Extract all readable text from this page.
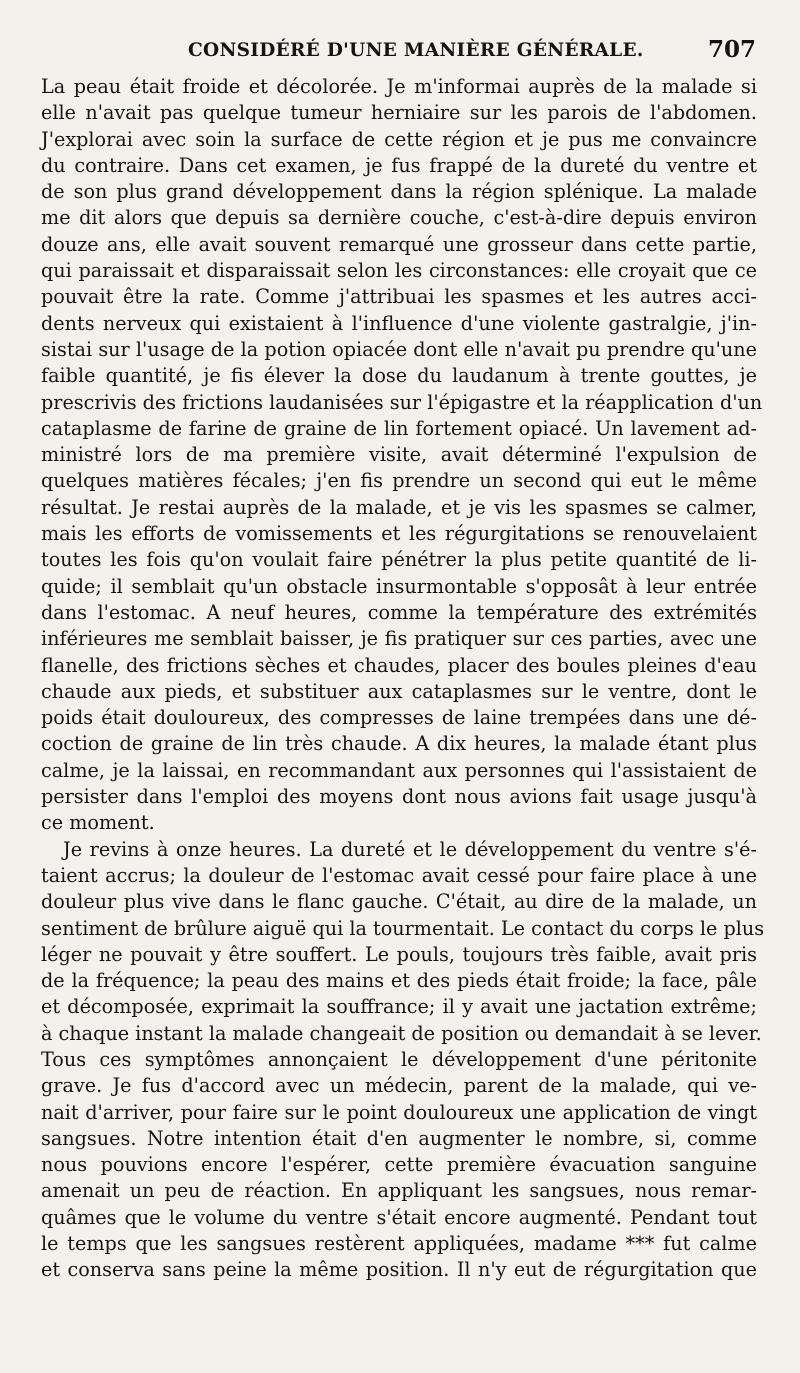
CONSIDÉRÉ D'UNE MANIÈRE GÉNÉRALE.	707

La peau était froide et décolorée. Je m'informai auprès de la malade si
elle n'avait pas quelque tumeur herniaire sur les parois de l'abdomen.
J'explorai avec soin la surface de cette région et je pus me convaincre
du contraire. Dans cet examen, je fus frappé de la dureté du ventre et
de son plus grand développement dans la région splénique. La malade
me dit alors que depuis sa dernière couche, c'est-à-dire depuis environ
douze ans, elle avait souvent remarqué une grosseur dans cette partie,
qui paraissait et disparaissait selon les circonstances: elle croyait que ce
pouvait être la rate. Comme j'attribuai les spasmes et les autres acci-
dents nerveux qui existaient à l'influence d'une violente gastralgie, j'in-
sistai sur l'usage de la potion opiacée dont elle n'avait pu prendre qu'une
faible quantité, je fis élever la dose du laudanum à trente gouttes, je
prescrivis des frictions laudanisées sur l'épigastre et la réapplication d'un
cataplasme de farine de graine de lin fortement opiacé. Un lavement ad-
ministré lors de ma première visite, avait déterminé l'expulsion de
quelques matières fécales; j'en fis prendre un second qui eut le même
résultat. Je restai auprès de la malade, et je vis les spasmes se calmer,
mais les efforts de vomissements et les régurgitations se renouvelaient
toutes les fois qu'on voulait faire pénétrer la plus petite quantité de li-
quide; il semblait qu'un obstacle insurmontable s'opposât à leur entrée
dans l'estomac. A neuf heures, comme la température des extrémités
inférieures me semblait baisser, je fis pratiquer sur ces parties, avec une
flanelle, des frictions sèches et chaudes, placer des boules pleines d'eau
chaude aux pieds, et substituer aux cataplasmes sur le ventre, dont le
poids était douloureux, des compresses de laine trempées dans une dé-
coction de graine de lin très chaude. A dix heures, la malade étant plus
calme, je la laissai, en recommandant aux personnes qui l'assistaient de
persister dans l'emploi des moyens dont nous avions fait usage jusqu'à
ce moment.

Je revins à onze heures. La dureté et le développement du ventre s'é-
taient accrus; la douleur de l'estomac avait cessé pour faire place à une
douleur plus vive dans le flanc gauche. C'était, au dire de la malade, un
sentiment de brûlure aiguë qui la tourmentait. Le contact du corps le plus
léger ne pouvait y être souffert. Le pouls, toujours très faible, avait pris
de la fréquence; la peau des mains et des pieds était froide; la face, pâle
et décomposée, exprimait la souffrance; il y avait une jactation extrême;
à chaque instant la malade changeait de position ou demandait à se lever.
Tous ces symptômes annonçaient le développement d'une péritonite
grave. Je fus d'accord avec un médecin, parent de la malade, qui ve-
nait d'arriver, pour faire sur le point douloureux une application de vingt
sangsues. Notre intention était d'en augmenter le nombre, si, comme
nous pouvions encore l'espérer, cette première évacuation sanguine
amenait un peu de réaction. En appliquant les sangsues, nous remar-
quâmes que le volume du ventre s'était encore augmenté. Pendant tout
le temps que les sangsues restèrent appliquées, madame *** fut calme
et conserva sans peine la même position. Il n'y eut de régurgitation que
